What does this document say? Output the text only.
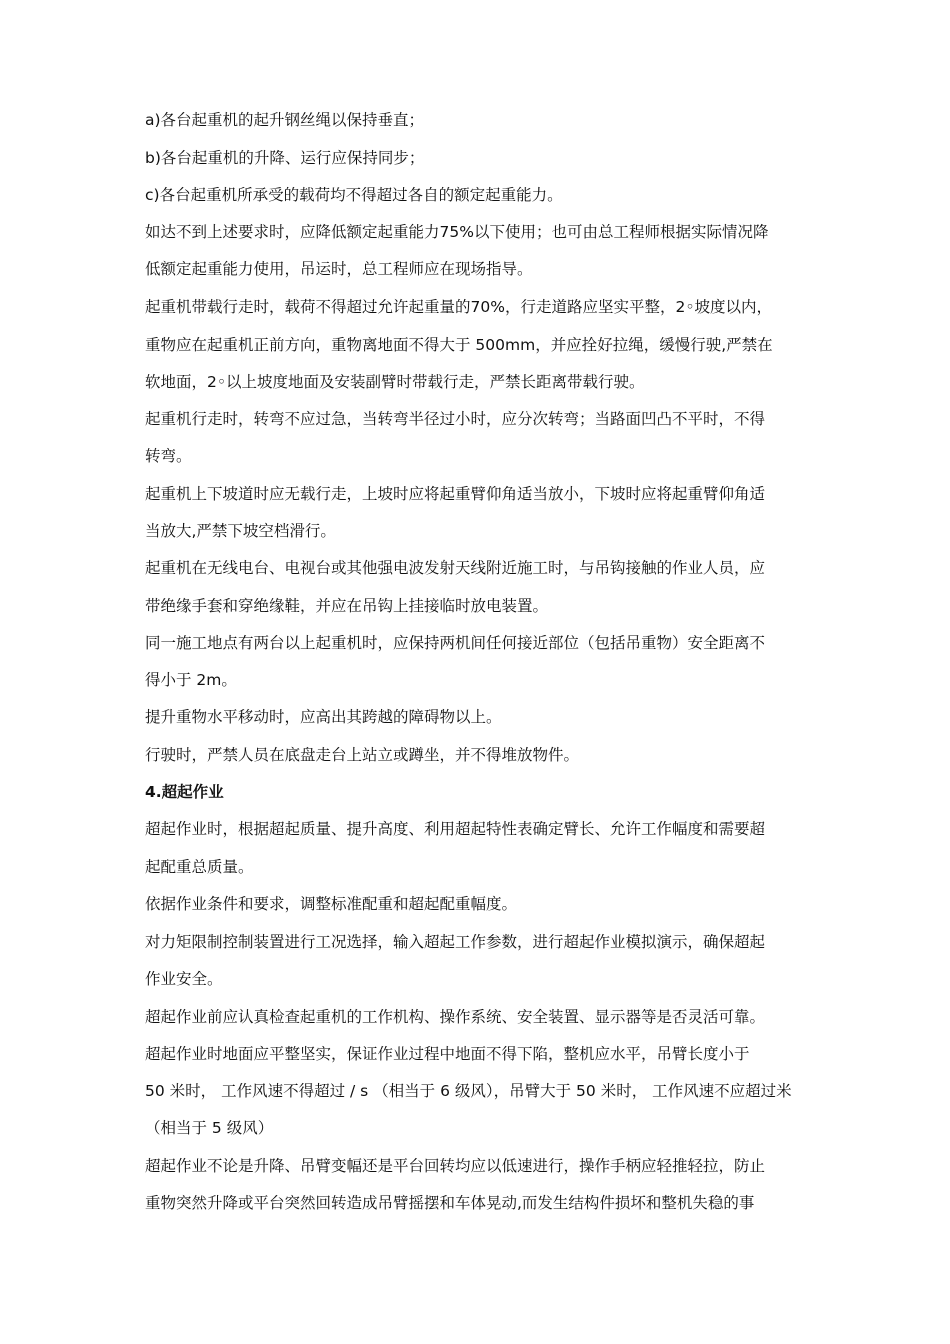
a)各台起重机的起升钢丝绳以保持垂直；
b)各台起重机的升降、运行应保持同步；
c)各台起重机所承受的载荷均不得超过各自的额定起重能力。
如达不到上述要求时，应降低额定起重能力75%以下使用；也可由总工程师根据实际情况降
低额定起重能力使用，吊运时，总工程师应在现场指导。
起重机带载行走时，载荷不得超过允许起重量的70%，行走道路应坚实平整，2◦坡度以内，
重物应在起重机正前方向，重物离地面不得大于 500mm，并应拴好拉绳，缓慢行驶,严禁在
软地面，2◦以上坡度地面及安装副臂时带载行走，严禁长距离带载行驶。
起重机行走时，转弯不应过急，当转弯半径过小时，应分次转弯；当路面凹凸不平时，不得
转弯。
起重机上下坡道时应无载行走，上坡时应将起重臂仰角适当放小，下坡时应将起重臂仰角适
当放大,严禁下坡空档滑行。
起重机在无线电台、电视台或其他强电波发射天线附近施工时，与吊钩接触的作业人员，应
带绝缘手套和穿绝缘鞋，并应在吊钩上挂接临时放电装置。
同一施工地点有两台以上起重机时，应保持两机间任何接近部位（包括吊重物）安全距离不
得小于 2m。
提升重物水平移动时，应高出其跨越的障碍物以上。
行驶时，严禁人员在底盘走台上站立或蹲坐，并不得堆放物件。
4.超起作业
超起作业时，根据超起质量、提升高度、利用超起特性表确定臂长、允许工作幅度和需要超
起配重总质量。
依据作业条件和要求，调整标准配重和超起配重幅度。
对力矩限制控制装置进行工况选择，输入超起工作参数，进行超起作业模拟演示，确保超起
作业安全。
超起作业前应认真检查起重机的工作机构、操作系统、安全装置、显示器等是否灵活可靠。
超起作业时地面应平整坚实，保证作业过程中地面不得下陷，整机应水平，吊臂长度小于
50 米时， 工作风速不得超过 / s （相当于 6 级风），吊臂大于 50 米时， 工作风速不应超过米
（相当于 5 级风）
超起作业不论是升降、吊臂变幅还是平台回转均应以低速进行，操作手柄应轻推轻拉，防止
重物突然升降或平台突然回转造成吊臂摇摆和车体晃动,而发生结构件损坏和整机失稳的事
